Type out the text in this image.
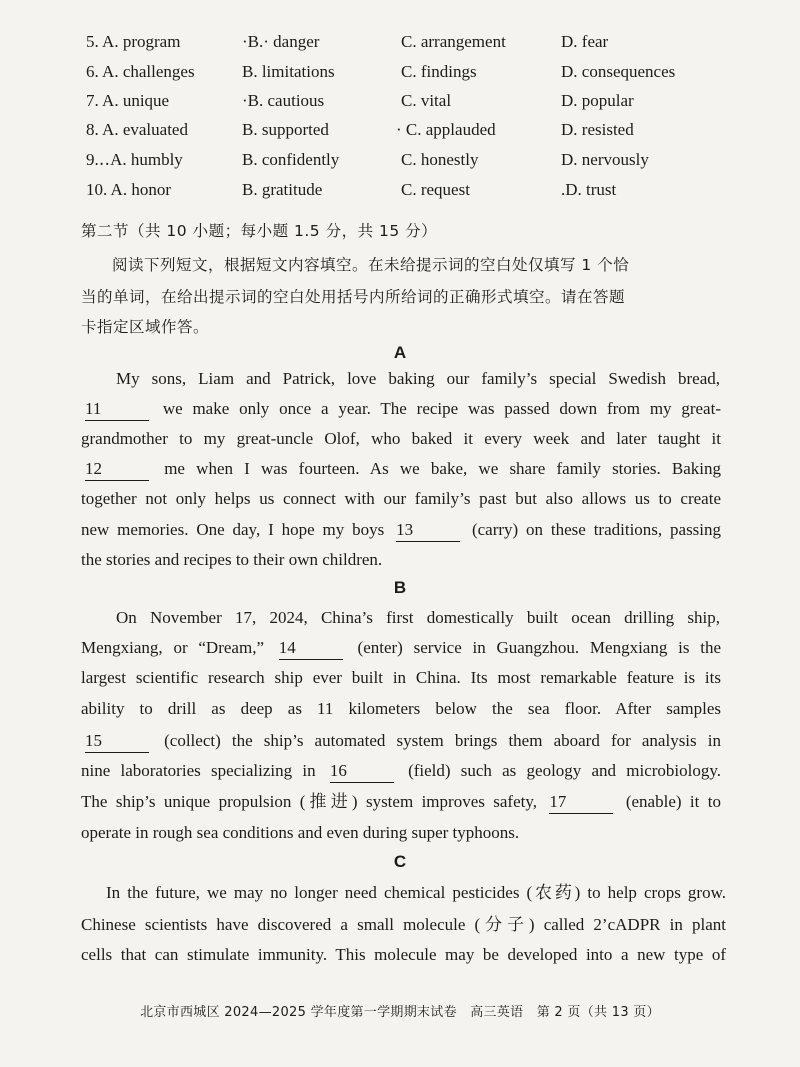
5. A. program	·B.· danger	C. arrangement	D. fear
6. A. challenges	B. limitations	C. findings	D. consequences
7. A. unique	·B. cautious	C. vital	D. popular
8. A. evaluated	B. supported	· C. applauded	D. resisted
9.‥A. humbly	B. confidently	C. honestly	D. nervously
10. A. honor	B. gratitude	C. request	.D. trust
第二节（共 10 小题；每小题 1.5 分，共 15 分）
阅读下列短文，根据短文内容填空。在未给提示词的空白处仅填写 1 个恰
当的单词，在给出提示词的空白处用括号内所给词的正确形式填空。请在答题
卡指定区域作答。
A
My sons, Liam and Patrick, love baking our family’s special Swedish bread,
11	we make only once a year. The recipe was passed down from my great-
grandmother to my great-uncle Olof, who baked it every week and later taught it
12	me when I was fourteen. As we bake, we share family stories. Baking
together not only helps us connect with our family’s past but also allows us to create
new memories. One day, I hope my boys 13	(carry) on these traditions, passing
the stories and recipes to their own children.
B
On November 17, 2024, China’s first domestically built ocean drilling ship,
Mengxiang, or “Dream,” 14	(enter) service in Guangzhou. Mengxiang is the
largest scientific research ship ever built in China. Its most remarkable feature is its
ability to drill as deep as 11 kilometers below the sea floor. After samples
15	(collect) the ship’s automated system brings them aboard for analysis in
nine laboratories specializing in 16	(field) such as geology and microbiology.
The ship’s unique propulsion (推进) system improves safety, 17	(enable) it to
operate in rough sea conditions and even during super typhoons.
C
In the future, we may no longer need chemical pesticides (农药) to help crops grow.
Chinese scientists have discovered a small molecule (分子) called 2’cADPR in plant
cells that can stimulate immunity. This molecule may be developed into a new type of
北京市西城区 2024—2025 学年度第一学期期末试卷　高三英语　第 2 页（共 13 页）
